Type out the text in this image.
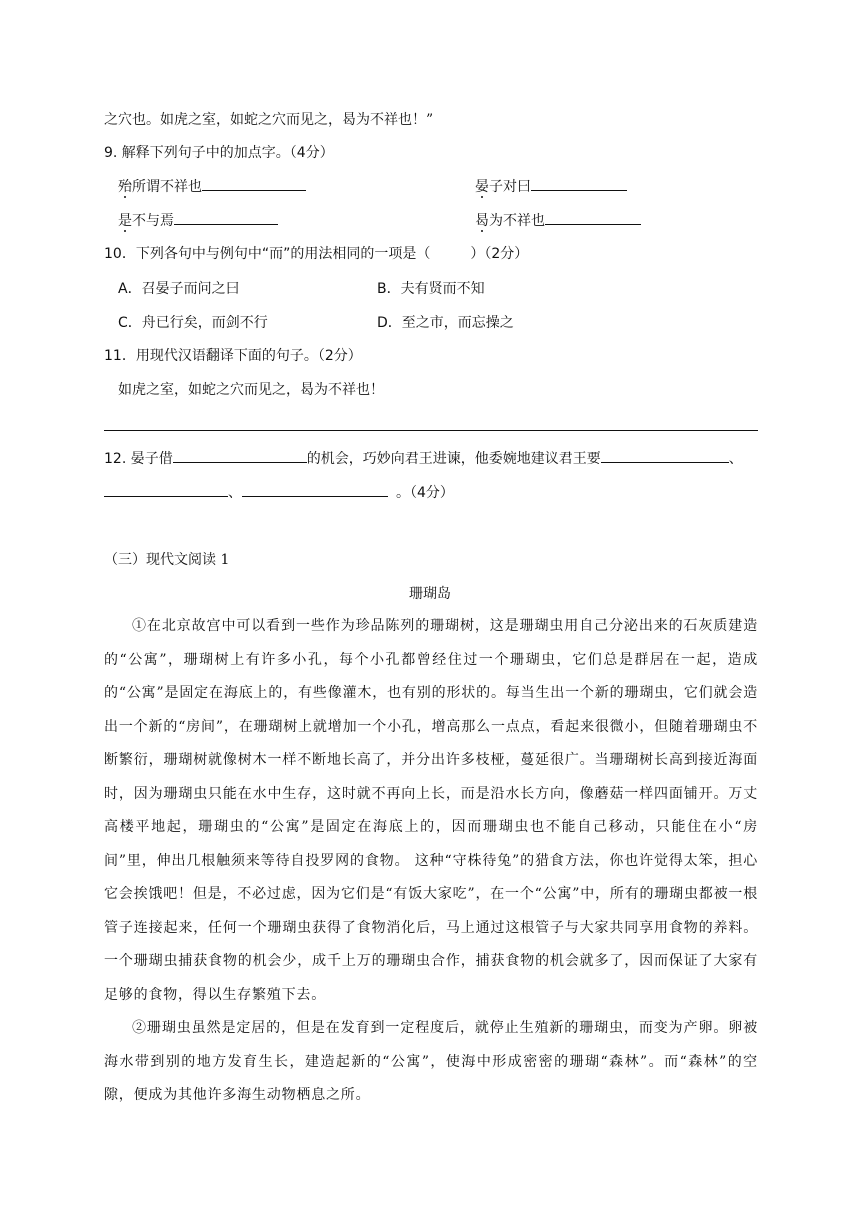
之穴也。如虎之室，如蛇之穴而见之，曷为不祥也！”
9. 解释下列句子中的加点字。（4分）
殆所谓不祥也	晏子对曰
是不与焉	曷为不祥也
10．下列各句中与例句中“而”的用法相同的一项是（	）（2分）
A．召晏子而问之曰	B．夫有贤而不知
C．舟已行矣，而剑不行	D．至之市，而忘操之
11．用现代汉语翻译下面的句子。（2分）
如虎之室，如蛇之穴而见之，曷为不祥也！
12. 晏子借	的机会，巧妙向君王进谏，他委婉地建议君王要	、
、	。（4分）
（三）现代文阅读 1
珊瑚岛

①在北京故宫中可以看到一些作为珍品陈列的珊瑚树，这是珊瑚虫用自己分泌出来的石灰质建造的“公寓”，珊瑚树上有许多小孔，每个小孔都曾经住过一个珊瑚虫，它们总是群居在一起，造成的“公寓”是固定在海底上的，有些像灌木，也有别的形状的。每当生出一个新的珊瑚虫，它们就会造出一个新的“房间”，在珊瑚树上就增加一个小孔，增高那么一点点，看起来很微小，但随着珊瑚虫不断繁衍，珊瑚树就像树木一样不断地长高了，并分出许多枝桠，蔓延很广。当珊瑚树长高到接近海面时，因为珊瑚虫只能在水中生存，这时就不再向上长，而是沿水长方向，像蘑菇一样四面铺开。万丈高楼平地起，珊瑚虫的“公寓”是固定在海底上的，因而珊瑚虫也不能自己移动，只能住在小“房间”里，伸出几根触须来等待自投罗网的食物。 这种“守株待兔”的猎食方法，你也许觉得太笨，担心它会挨饿吧！但是，不必过虑，因为它们是“有饭大家吃”，在一个“公寓”中，所有的珊瑚虫都被一根管子连接起来，任何一个珊瑚虫获得了食物消化后，马上通过这根管子与大家共同享用食物的养料。一个珊瑚虫捕获食物的机会少，成千上万的珊瑚虫合作，捕获食物的机会就多了，因而保证了大家有足够的食物，得以生存繁殖下去。

②珊瑚虫虽然是定居的，但是在发育到一定程度后，就停止生殖新的珊瑚虫，而变为产卵。卵被海水带到别的地方发育生长，建造起新的“公寓”，使海中形成密密的珊瑚“森林”。而“森林”的空隙，便成为其他许多海生动物栖息之所。
